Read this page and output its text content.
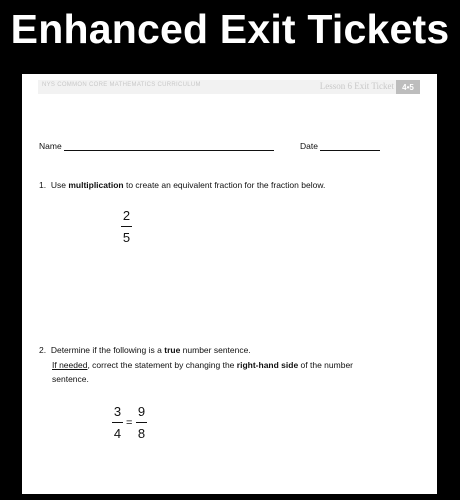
Enhanced Exit Tickets
NYS COMMON CORE MATHEMATICS CURRICULUM	Lesson 6 Exit Ticket	4•5
Name	Date
1. Use multiplication to create an equivalent fraction for the fraction below.
2
5
2. Determine if the following is a true number sentence.
If needed, correct the statement by changing the right-hand side of the number
sentence.
3
4
=
9
8
